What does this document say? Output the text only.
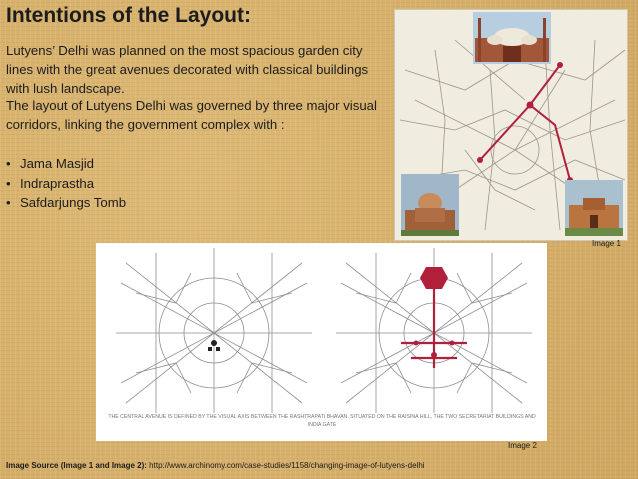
Intentions of the Layout:

Lutyens’ Delhi was planned on the most spacious garden city lines with the great avenues decorated with classical buildings with lush landscape.

The layout of Lutyens Delhi was governed by three major visual corridors, linking the government complex with :

• Jama Masjid
• Indraprastha
• Safdarjungs Tomb
Image 1
THE CENTRAL AVENUE IS DEFINED BY THE VISUAL AXIS BETWEEN THE RASHTRAPATI BHAVAN, SITUATED ON THE RAISINA HILL, THE TWO SECRETARIAT BUILDINGS AND INDIA GATE
Image 2
Image Source (Image 1 and Image 2): http://www.archinomy.com/case-studies/1158/changing-image-of-lutyens-delhi
